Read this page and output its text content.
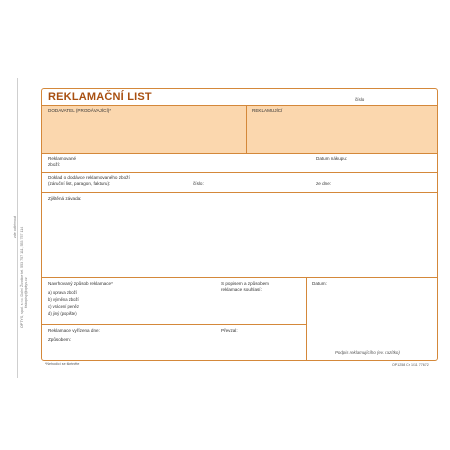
zde odtrhnout OPTYS, spol. s r.o. Dolní Životice tel. 553 757 111, 553 757 114 tiskopisy@optys.cz
REKLAMAČNÍ LIST	číslo
DODAVATEL (PRODÁVAJÍCÍ)*	REKLAMUJÍCÍ
Reklamované
zboží:
Datum nákupu:
Doklad o dodávce reklamovaného zboží
(záruční list, paragon, fakturu):	číslo:	ze dne:
Zjištěná závada:
Navrhovaný způsob reklamace*
a) oprava zboží
b) výměna zboží
c) vrácení peněz
d) jiný (popište)
S popisem a způsobem
reklamace souhlasí:
Datum:
Reklamace vyřízena dne:	Převzal:
Způsobem:
Podpis reklamujícího (ev. razítko)
*Nehodící se škrtněte	OP1258 Cr 1/11 77672
